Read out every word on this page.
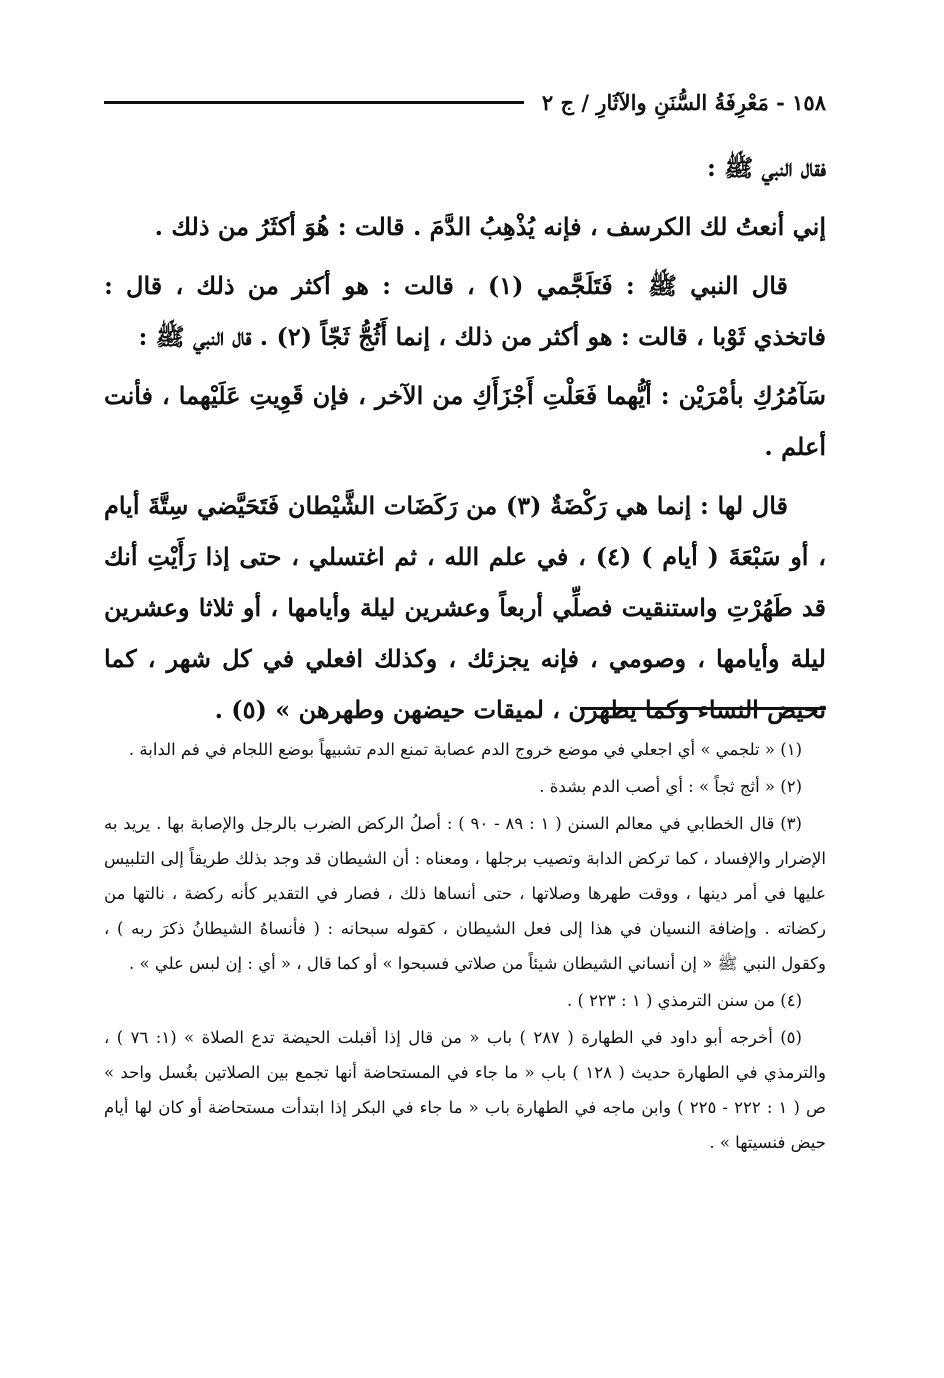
١٥٨ - مَعْرِفَةُ السُّنَنِ والآثَارِ / ج ٢

فقال النبي ﷺ :

إني أنعتُ لك الكرسف ، فإنه يُذْهِبُ الدَّمَ . قالت : هُوَ أكثَرُ من ذلك .

قال النبي ﷺ : فَتَلَجَّمي (١) ، قالت : هو أكثر من ذلك ، قال : فاتخذي ثَوْبا ، قالت : هو أكثر من ذلك ، إنما أَثُجُّ ثَجّاً (٢) . قال النبي ﷺ :

سَآمُرُكِ بأمْرَيْن : أيُّهما فَعَلْتِ أَجْزَأَكِ من الآخر ، فإن قَوِيتِ عَلَيْهما ، فأنت أعلم .

قال لها : إنما هي رَكْضَةٌ (٣) من رَكَضَات الشَّيْطان فَتَحَيَّضي سِتَّةَ أيام ، أو سَبْعَةَ ( أيام ) (٤) ، في علم الله ، ثم اغتسلي ، حتى إذا رَأَيْتِ أنك قد طَهُرْتِ واستنقيت فصلِّي أربعاً وعشرين ليلة وأيامها ، أو ثلاثا وعشرين ليلة وأيامها ، وصومي ، فإنه يجزئك ، وكذلك افعلي في كل شهر ، كما تحيض النساء وكما يطهرن ، لميقات حيضهن وطهرهن » (٥) .

(١) « تلجمي » أي اجعلي في موضع خروج الدم عصابة تمنع الدم تشبيهاً بوضع اللجام في فم الدابة .

(٢) « أثج ثجاً » : أي أصب الدم بشدة .

(٣) قال الخطابي في معالم السنن ( ١ : ٨٩ - ٩٠ ) : أصلُ الركض الضرب بالرجل والإصابة بها . يريد به الإضرار والإفساد ، كما تركض الدابة وتصيب برجلها ، ومعناه : أن الشيطان قد وجد بذلك طريقاً إلى التلبيس عليها في أمر دينها ، ووقت طهرها وصلاتها ، حتى أنساها ذلك ، فصار في التقدير كأنه ركضة ، نالتها من ركضاته . وإضافة النسيان في هذا إلى فعل الشيطان ، كقوله سبحانه : ( فأنساهُ الشيطانُ ذكرَ ربه ) ، وكقول النبي ﷺ « إن أنساني الشيطان شيئاً من صلاتي فسبحوا » أو كما قال ، « أي : إن لبس علي » .

(٤) من سنن الترمذي ( ١ : ٢٢٣ ) .

(٥) أخرجه أبو داود في الطهارة ( ٢٨٧ ) باب « من قال إذا أقبلت الحيضة تدع الصلاة » (١: ٧٦ ) ، والترمذي في الطهارة حديث ( ١٢٨ ) باب « ما جاء في المستحاضة أنها تجمع بين الصلاتين بغُسل واحد » ص ( ١ : ٢٢٢ - ٢٢٥ ) وابن ماجه في الطهارة باب « ما جاء في البكر إذا ابتدأت مستحاضة أو كان لها أيام حيض فنسيتها » .
